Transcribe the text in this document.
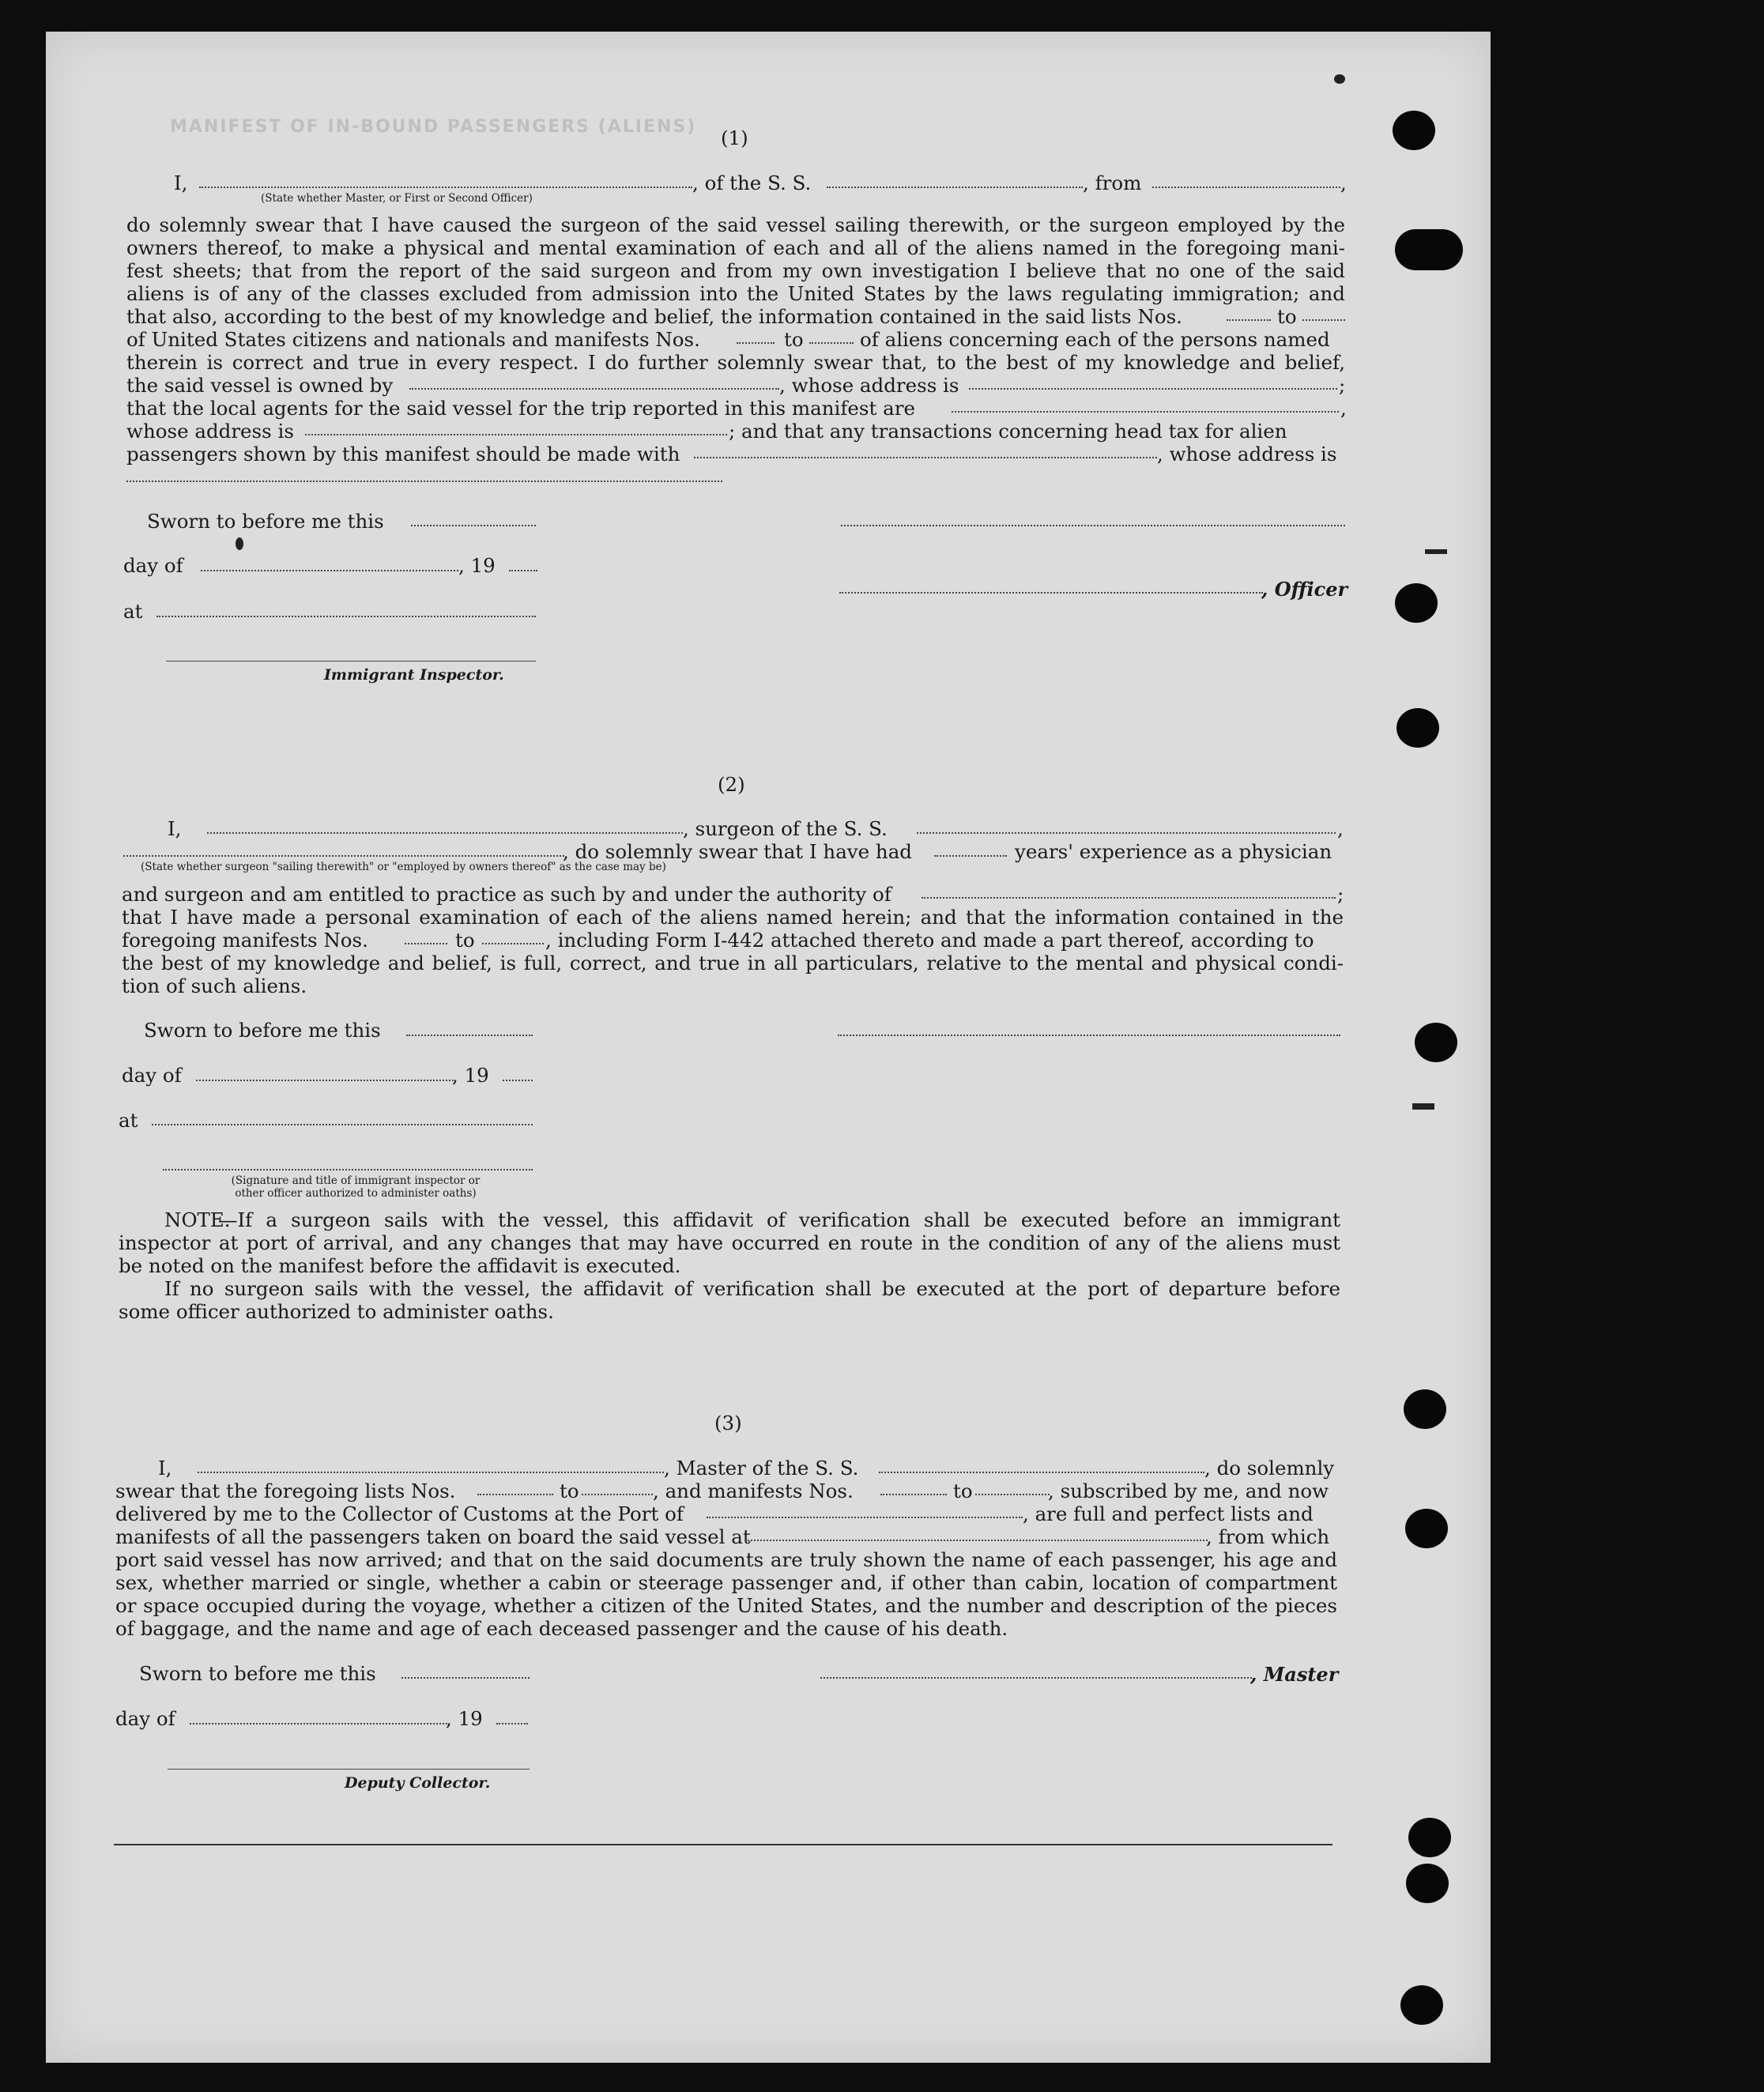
MANIFEST OF IN-BOUND PASSENGERS (ALIENS) (1)
I,	, of the S. S.	, from	,
(State whether Master, or First or Second Officer)
do solemnly swear that I have caused the surgeon of the said vessel sailing therewith, or the surgeon employed by the
owners thereof, to make a physical and mental examination of each and all of the aliens named in the foregoing mani-
fest sheets; that from the report of the said surgeon and from my own investigation I believe that no one of the said
aliens is of any of the classes excluded from admission into the United States by the laws regulating immigration; and
that also, according to the best of my knowledge and belief, the information contained in the said lists Nos.	to
of United States citizens and nationals and manifests Nos.	to	of aliens concerning each of the persons named
therein is correct and true in every respect. I do further solemnly swear that, to the best of my knowledge and belief,
the said vessel is owned by	, whose address is	;
that the local agents for the said vessel for the trip reported in this manifest are	,
whose address is	; and that any transactions concerning head tax for alien
passengers shown by this manifest should be made with	, whose address is
Sworn to before me this
day of	, 19
, Officer
at
Immigrant Inspector.
(2)
I,	, surgeon of the S. S.	,
, do solemnly swear that I have had	years' experience as a physician
(State whether surgeon "sailing therewith" or "employed by owners thereof" as the case may be)
and surgeon and am entitled to practice as such by and under the authority of	;
that I have made a personal examination of each of the aliens named herein; and that the information contained in the
foregoing manifests Nos.	to	, including Form I-442 attached thereto and made a part thereof, according to
the best of my knowledge and belief, is full, correct, and true in all particulars, relative to the mental and physical condi-
tion of such aliens.
Sworn to before me this
day of	, 19
at
(Signature and title of immigrant inspector or
other officer authorized to administer oaths)
NOTE.
—If a surgeon sails with the vessel, this affidavit of verification shall be executed before an immigrant
inspector at port of arrival, and any changes that may have occurred en route in the condition of any of the aliens must
be noted on the manifest before the affidavit is executed.
If no surgeon sails with the vessel, the affidavit of verification shall be executed at the port of departure before
some officer authorized to administer oaths.
(3)
I,	, Master of the S. S.	, do solemnly
swear that the foregoing lists Nos.	to	, and manifests Nos.	to	, subscribed by me, and now
delivered by me to the Collector of Customs at the Port of	, are full and perfect lists and
manifests of all the passengers taken on board the said vessel at	, from which
port said vessel has now arrived; and that on the said documents are truly shown the name of each passenger, his age and
sex, whether married or single, whether a cabin or steerage passenger and, if other than cabin, location of compartment
or space occupied during the voyage, whether a citizen of the United States, and the number and description of the pieces
of baggage, and the name and age of each deceased passenger and the cause of his death.
Sworn to before me this	, Master
day of	, 19
Deputy Collector.
